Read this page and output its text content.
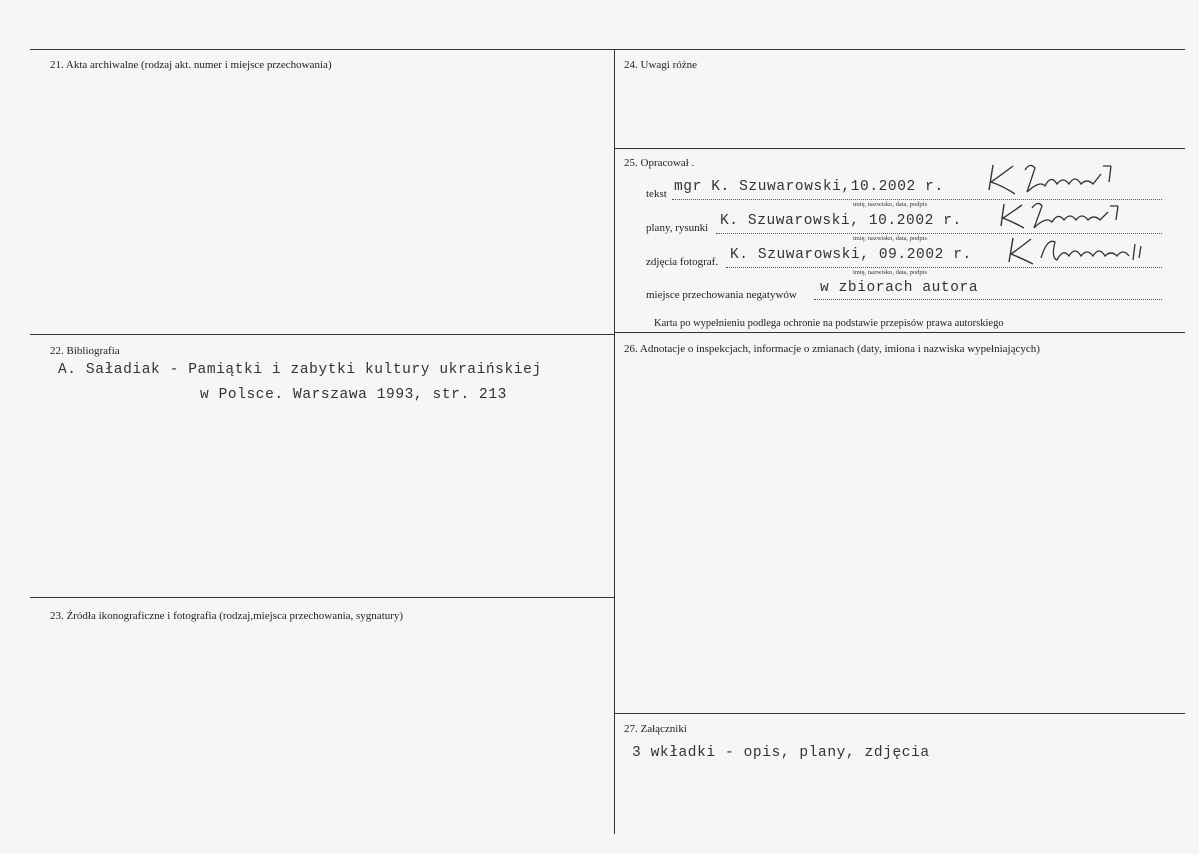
21. Akta archiwalne (rodzaj akt. numer i miejsce przechowania)
22. Bibliografia
A. Saładiak - Pamiątki i zabytki kultury ukraińskiej
w Polsce. Warszawa 1993, str. 213
23. Źródła ikonograficzne i fotografia (rodzaj,miejsca przechowania, sygnatury)
24. Uwagi różne
25. Opracował .
tekst mgr K. Szuwarowski,10.2002 r.
imię, nazwisko, data, podpis
plany, rysunki K. Szuwarowski, 10.2002 r.
imię, nazwisko, data, podpis
zdjęcia fotograf. K. Szuwarowski, 09.2002 r.
imię, nazwisko, data, podpis
miejsce przechowania negatywów w zbiorach autora
Karta po wypełnieniu podlega ochronie na podstawie przepisów prawa autorskiego
26. Adnotacje o inspekcjach, informacje o zmianach (daty, imiona i nazwiska wypełniających)
27. Załączniki
3 wkładki - opis, plany, zdjęcia
